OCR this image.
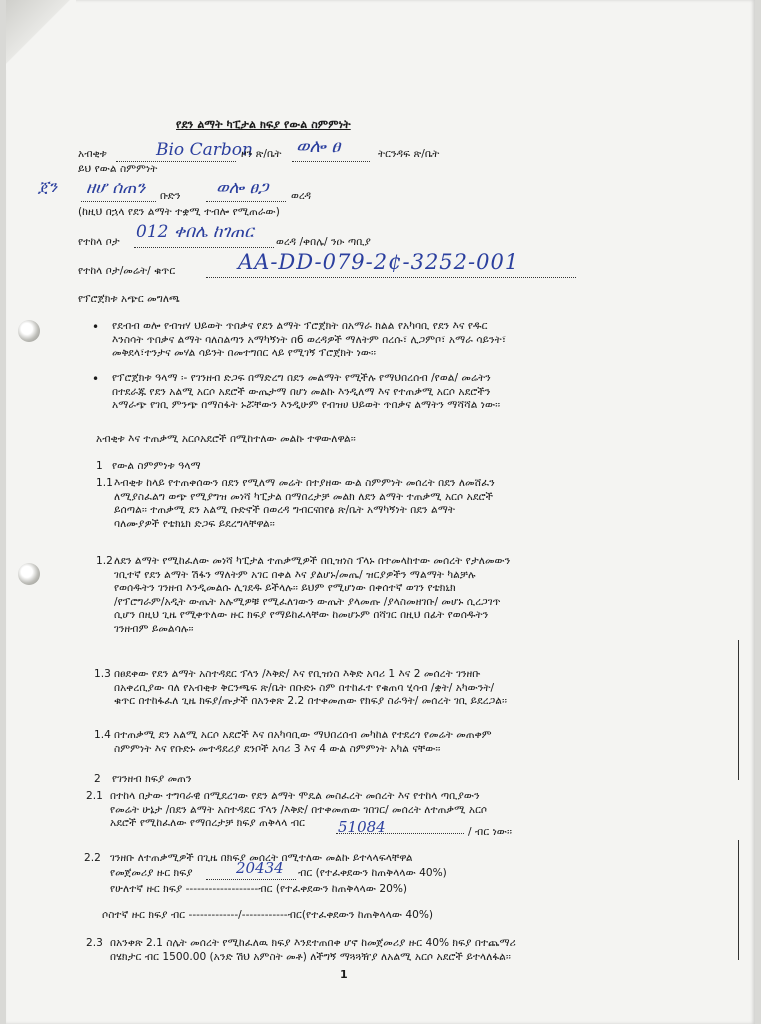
የደን ልማት ካፒታል ክፍያ የውል ስምምነት
አብቂቱ	Bio Carbon
ዞን ጽ/ቤት ወሎ ፀ	ትርንዳፍ ጽ/ቤት
ይህ የውል ስምምነት
ጀን ዘሆ ሰጠን ቡድን ወሎ ፀጋ ወረዳ
(ከዚህ በኋላ የደን ልማት ተቋሚ ተብሎ የሚጠራው)
የተከላ ቦታ 012 ቀበሌ ከገጠር ወረዳ /ቀበሌ/ ንዑ ጣቢያ
የተከላ ቦታ/መሬት/ ቁጥር	AA-DD-079-2¢-3252-001
የፕሮጀክቱ አጭር መግለጫ
• የደብብ ወሎ የብዝሃ ህይወት ጥበቃና የደን ልማት ፕሮጀክት በአማራ ክልል የአካባቢ የደን እና የዱር
እንስሳት ጥበቃና ልማት ባለስልጣን አማካኝነት በ6 ወረዳዎች ማለትም በረሱ፣ ሊጋምቦ፣ አማራ ሳይንት፣
መቅደላ፣ተንታና መሃል ሳይንት በመተግበር ላይ የሚገኝ ፕሮጀክት ነው፡፡
• የፕሮጀክቱ ዓላማ ፡- የገንዘብ ድጋፍ በማድረግ በደን መልማት የሚችሉ የማህበረሰብ /የወል/ መሬትን
በተደራጁ የደን አልሚ አርሶ አደሮች ውጤታማ በሆነ መልኩ እንዲለማ እና የተጠቃሚ አርሶ አደሮችን
አማራጭ የገቢ ምንጭ በማስፋት ኑሯቸውን እንዲሁም የብዝሀ ህይወት ጥበቃና ልማትን ማሻሻል ነው፡፡
አብቂቱ እና ተጠቃሚ አርሶአደሮች በሚከተለው መልኩ ተዋውለዋል፡፡
1 የውል ስምምነቱ ዓላማ
1.1 እብቂቱ ከላይ የተጠቀሰውን በደን የሚለማ መሬት በተያዘው ውል ስምምነት መሰረት በደን ለመሸፈን
ለሚያስፈልግ ወጭ የሚያግዝ መነሻ ካፒታል በማበረታቻ መልክ ለደን ልማት ተጠቃሚ አርሶ አደሮች
ይሰጣል፡፡ ተጠቃሚ ደን አልሚ ቡድኖች በወረዳ ግብርናበየፅ ጽ/ቤት አማካኝነት በደን ልማት
ባለሙያዎች የቴክኒክ ድጋፍ ይደረግላቸዋል፡፡
1.2 ለደን ልማት የሚከፈለው መነሻ ካፒታል ተጠቃሚዎች በቢዝነስ ፕላኑ በተመላከተው መሰረት የታለመውን
ገቢተኛ የደን ልማት ሽፋን ማለትም አገር በቀል እና ያልሆኑ/መጤ/ ዝርያዎችን ማልማት ካልቻሉ
የወሰዱትን ገንዘብ እንዲመልሱ ሊገደዱ ይችላሉ፡፡ ይህም የሚሆነው በቀሰተኛ ወገን የቴክኒክ
/የፕሮግራም/አዲት ውጤት አሉሚዎቹ የሚፈለገውን ውጤት ያላመጡ /ያላስመዘገቡ/ መሆኑ ሲረጋገጥ
ሲሆን በዚህ ጊዜ የሚቀጥለው ዙር ክፍያ የማይከፈላቸው ከመሆኑም በሻገር በዚህ በፊት የወሰዱትን
ገንዘብም ይመልሳሉ፡፡
1.3 በፀደቀው የደን ልማት አስተዳደር ፕላን /እቅድ/ እና የቢዝነስ እቅድ አባሪ 1 እና 2 መሰረት ገንዘቡ
በአቀረቢያው ባለ የአብቂቱ ቅርንጫፍ ጽ/ቤት በቡድኑ ስም በተከፈተ የቁጠባ ሂሳብ /ቋት/ አካውንት/
ቁጥር በተከፋፈለ ጊዜ ክፍያ/ጡታች በአንቀጽ 2.2 በተቀመጠው የክፍያ ስራዓት/ መሰረት ገቢ ይደረጋል፡፡
1.4 በተጠቃሚ ደን አልሚ አርሶ አደሮች እና በአካባቢው ማህበረሰብ መካከል የተደረጎ የመሬት መጠቀም
ስምምነት እና የቡድኑ መተዳደሪያ ደንቦች አባሪ 3 እና 4 ውል ስምምነት አካል ናቸው፡፡
2 የገንዘብ ክፍያ መጠን
2.1 በተከላ በታው ተግባራዊ በሚደረገው የደን ልማት ሞዴል መስፈረት መሰረት እና የተከላ ጣቢያውን
የመሬት ሁኔታ /በደን ልማት አስተዳደር ፕላን /እቅድ/ በተቀመጠው ገበገር/ መሰረት ለተጠቃሚ አርሶ
አደሮች የሚከፈለው የማበረታቻ ክፍያ ጠቅላላ ብር	51084	/ ብር ነው፡፡
2.2 ገንዘቡ ለተጠቃሚዎች በጊዜ በክፍያ መሰረት በሚተለው መልኩ ይተላላፍላቸዋል
የመጀመሪያ ዙር ክፍያ	20434 ብር (የተፈቀደውን ከጠቅላላው 40%)
የሁለተኛ ዙር ክፍያ -------------------ብር (የተፈቀደውን ከጠቅላላው 20%)
ሶስተኛ ዙር ክፍያ ብር -------------/------------ብር(የተፈቀደውን ከጠቅላላው 40%)
2.3 በአንቀጽ 2.1 ስሌት መሰረት የሚከፈለዉ ክፍያ እንደተጠበቀ ሆኖ ከመጀመሪያ ዙር 40% ክፍያ በተጨማሪ
በሄክታር ብር 1500.00 (አንድ ሽህ አምስት መቶ) ለችግኝ ማጓጓዥያ ለአልሚ አርሶ አደሮች ይተላለፋል፡፡
1
